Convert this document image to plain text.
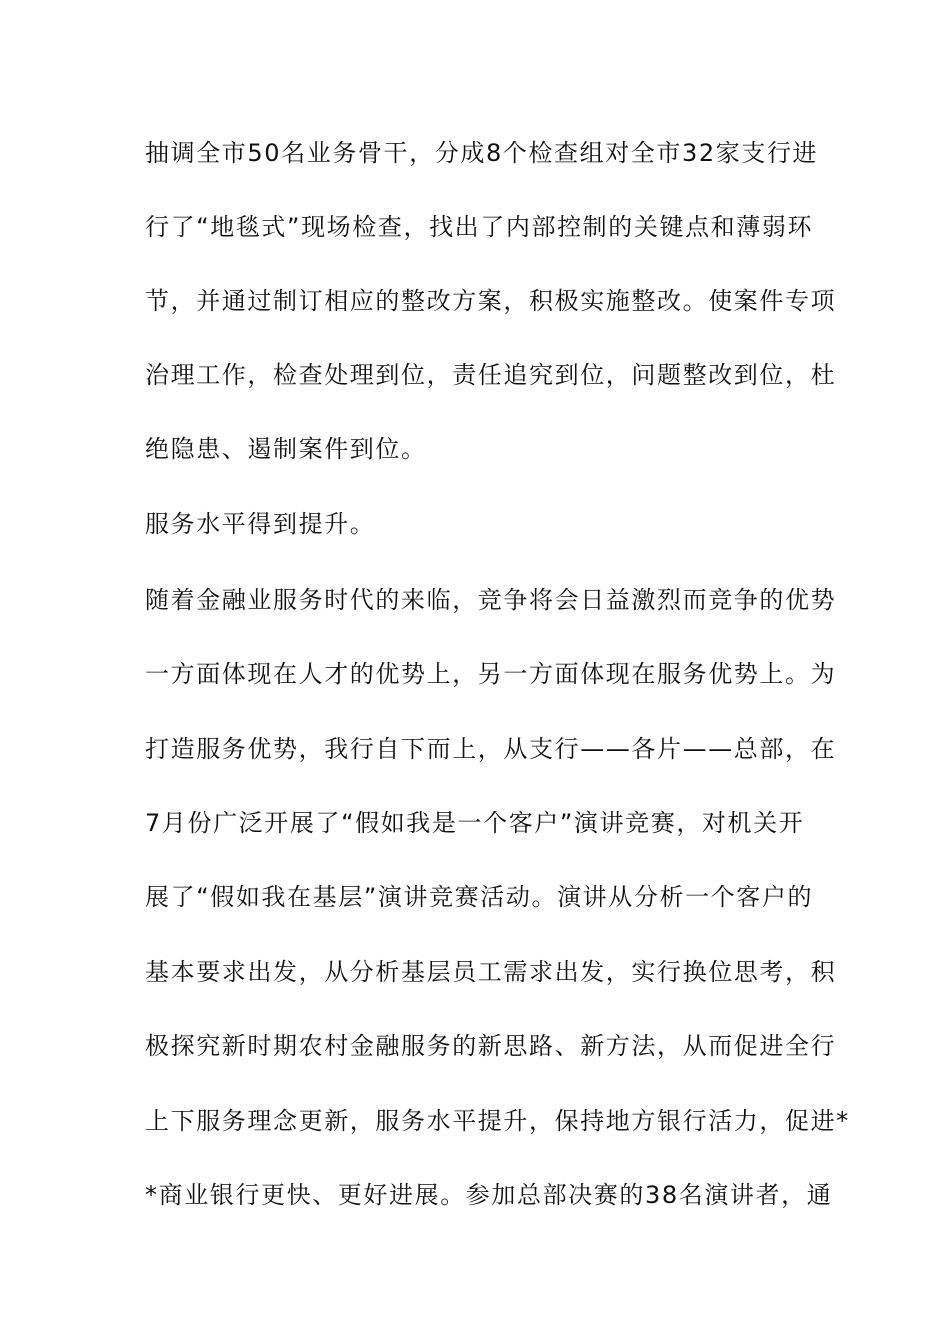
抽调全市50名业务骨干，分成8个检查组对全市32家支行进
行了“地毯式”现场检查，找出了内部控制的关键点和薄弱环
节，并通过制订相应的整改方案，积极实施整改。使案件专项
治理工作，检查处理到位，责任追究到位，问题整改到位，杜
绝隐患、遏制案件到位。
服务水平得到提升。
随着金融业服务时代的来临，竞争将会日益激烈而竞争的优势
一方面体现在人才的优势上，另一方面体现在服务优势上。为
打造服务优势，我行自下而上，从支行——各片——总部，在
7月份广泛开展了“假如我是一个客户”演讲竞赛，对机关开
展了“假如我在基层”演讲竞赛活动。演讲从分析一个客户的
基本要求出发，从分析基层员工需求出发，实行换位思考，积
极探究新时期农村金融服务的新思路、新方法，从而促进全行
上下服务理念更新，服务水平提升，保持地方银行活力，促进*
*商业银行更快、更好进展。参加总部决赛的38名演讲者，通
